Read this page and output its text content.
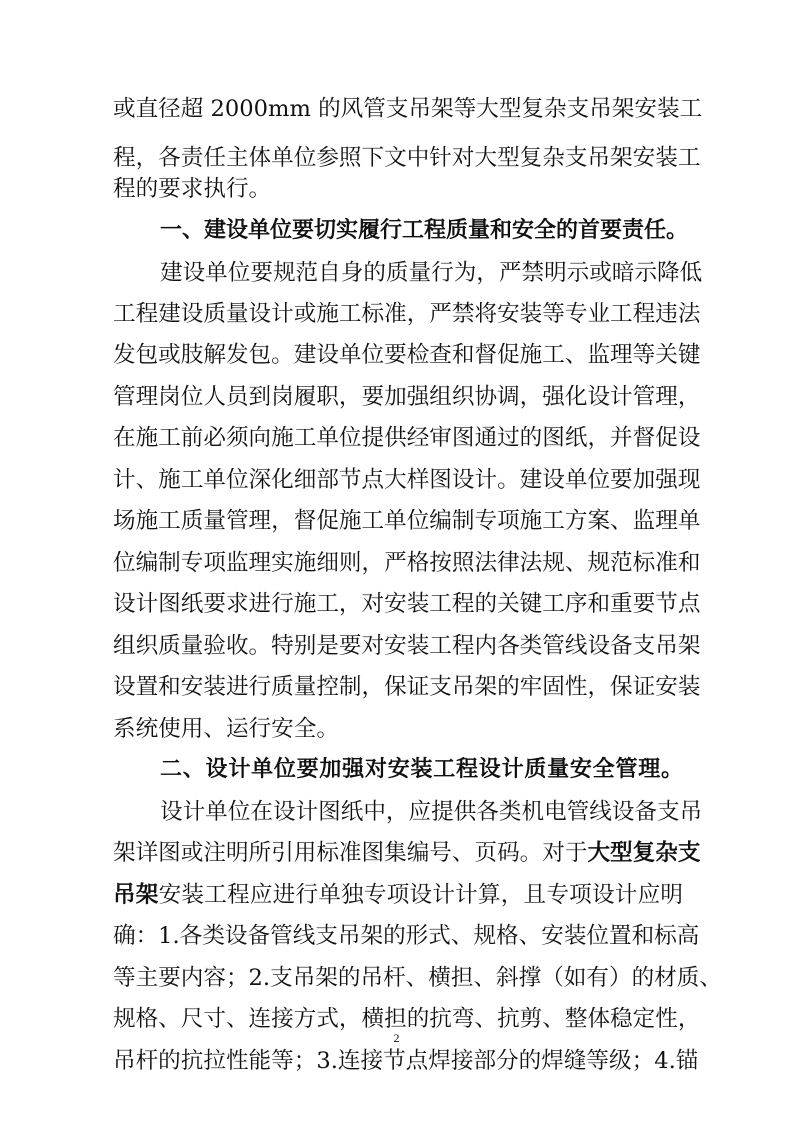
或直径超 2000mm 的风管支吊架等大型复杂支吊架安装工
程，各责任主体单位参照下文中针对大型复杂支吊架安装工
程的要求执行。
一、建设单位要切实履行工程质量和安全的首要责任。
建设单位要规范自身的质量行为，严禁明示或暗示降低
工程建设质量设计或施工标准，严禁将安装等专业工程违法
发包或肢解发包。建设单位要检查和督促施工、监理等关键
管理岗位人员到岗履职，要加强组织协调，强化设计管理，
在施工前必须向施工单位提供经审图通过的图纸，并督促设
计、施工单位深化细部节点大样图设计。建设单位要加强现
场施工质量管理，督促施工单位编制专项施工方案、监理单
位编制专项监理实施细则，严格按照法律法规、规范标准和
设计图纸要求进行施工，对安装工程的关键工序和重要节点
组织质量验收。特别是要对安装工程内各类管线设备支吊架
设置和安装进行质量控制，保证支吊架的牢固性，保证安装
系统使用、运行安全。
二、设计单位要加强对安装工程设计质量安全管理。
设计单位在设计图纸中，应提供各类机电管线设备支吊
架详图或注明所引用标准图集编号、页码。对于大型复杂支
吊架安装工程应进行单独专项设计计算，且专项设计应明
确：1.各类设备管线支吊架的形式、规格、安装位置和标高
等主要内容；2.支吊架的吊杆、横担、斜撑（如有）的材质、
规格、尺寸、连接方式，横担的抗弯、抗剪、整体稳定性，
吊杆的抗拉性能等；3.连接节点焊接部分的焊缝等级；4.锚
2
